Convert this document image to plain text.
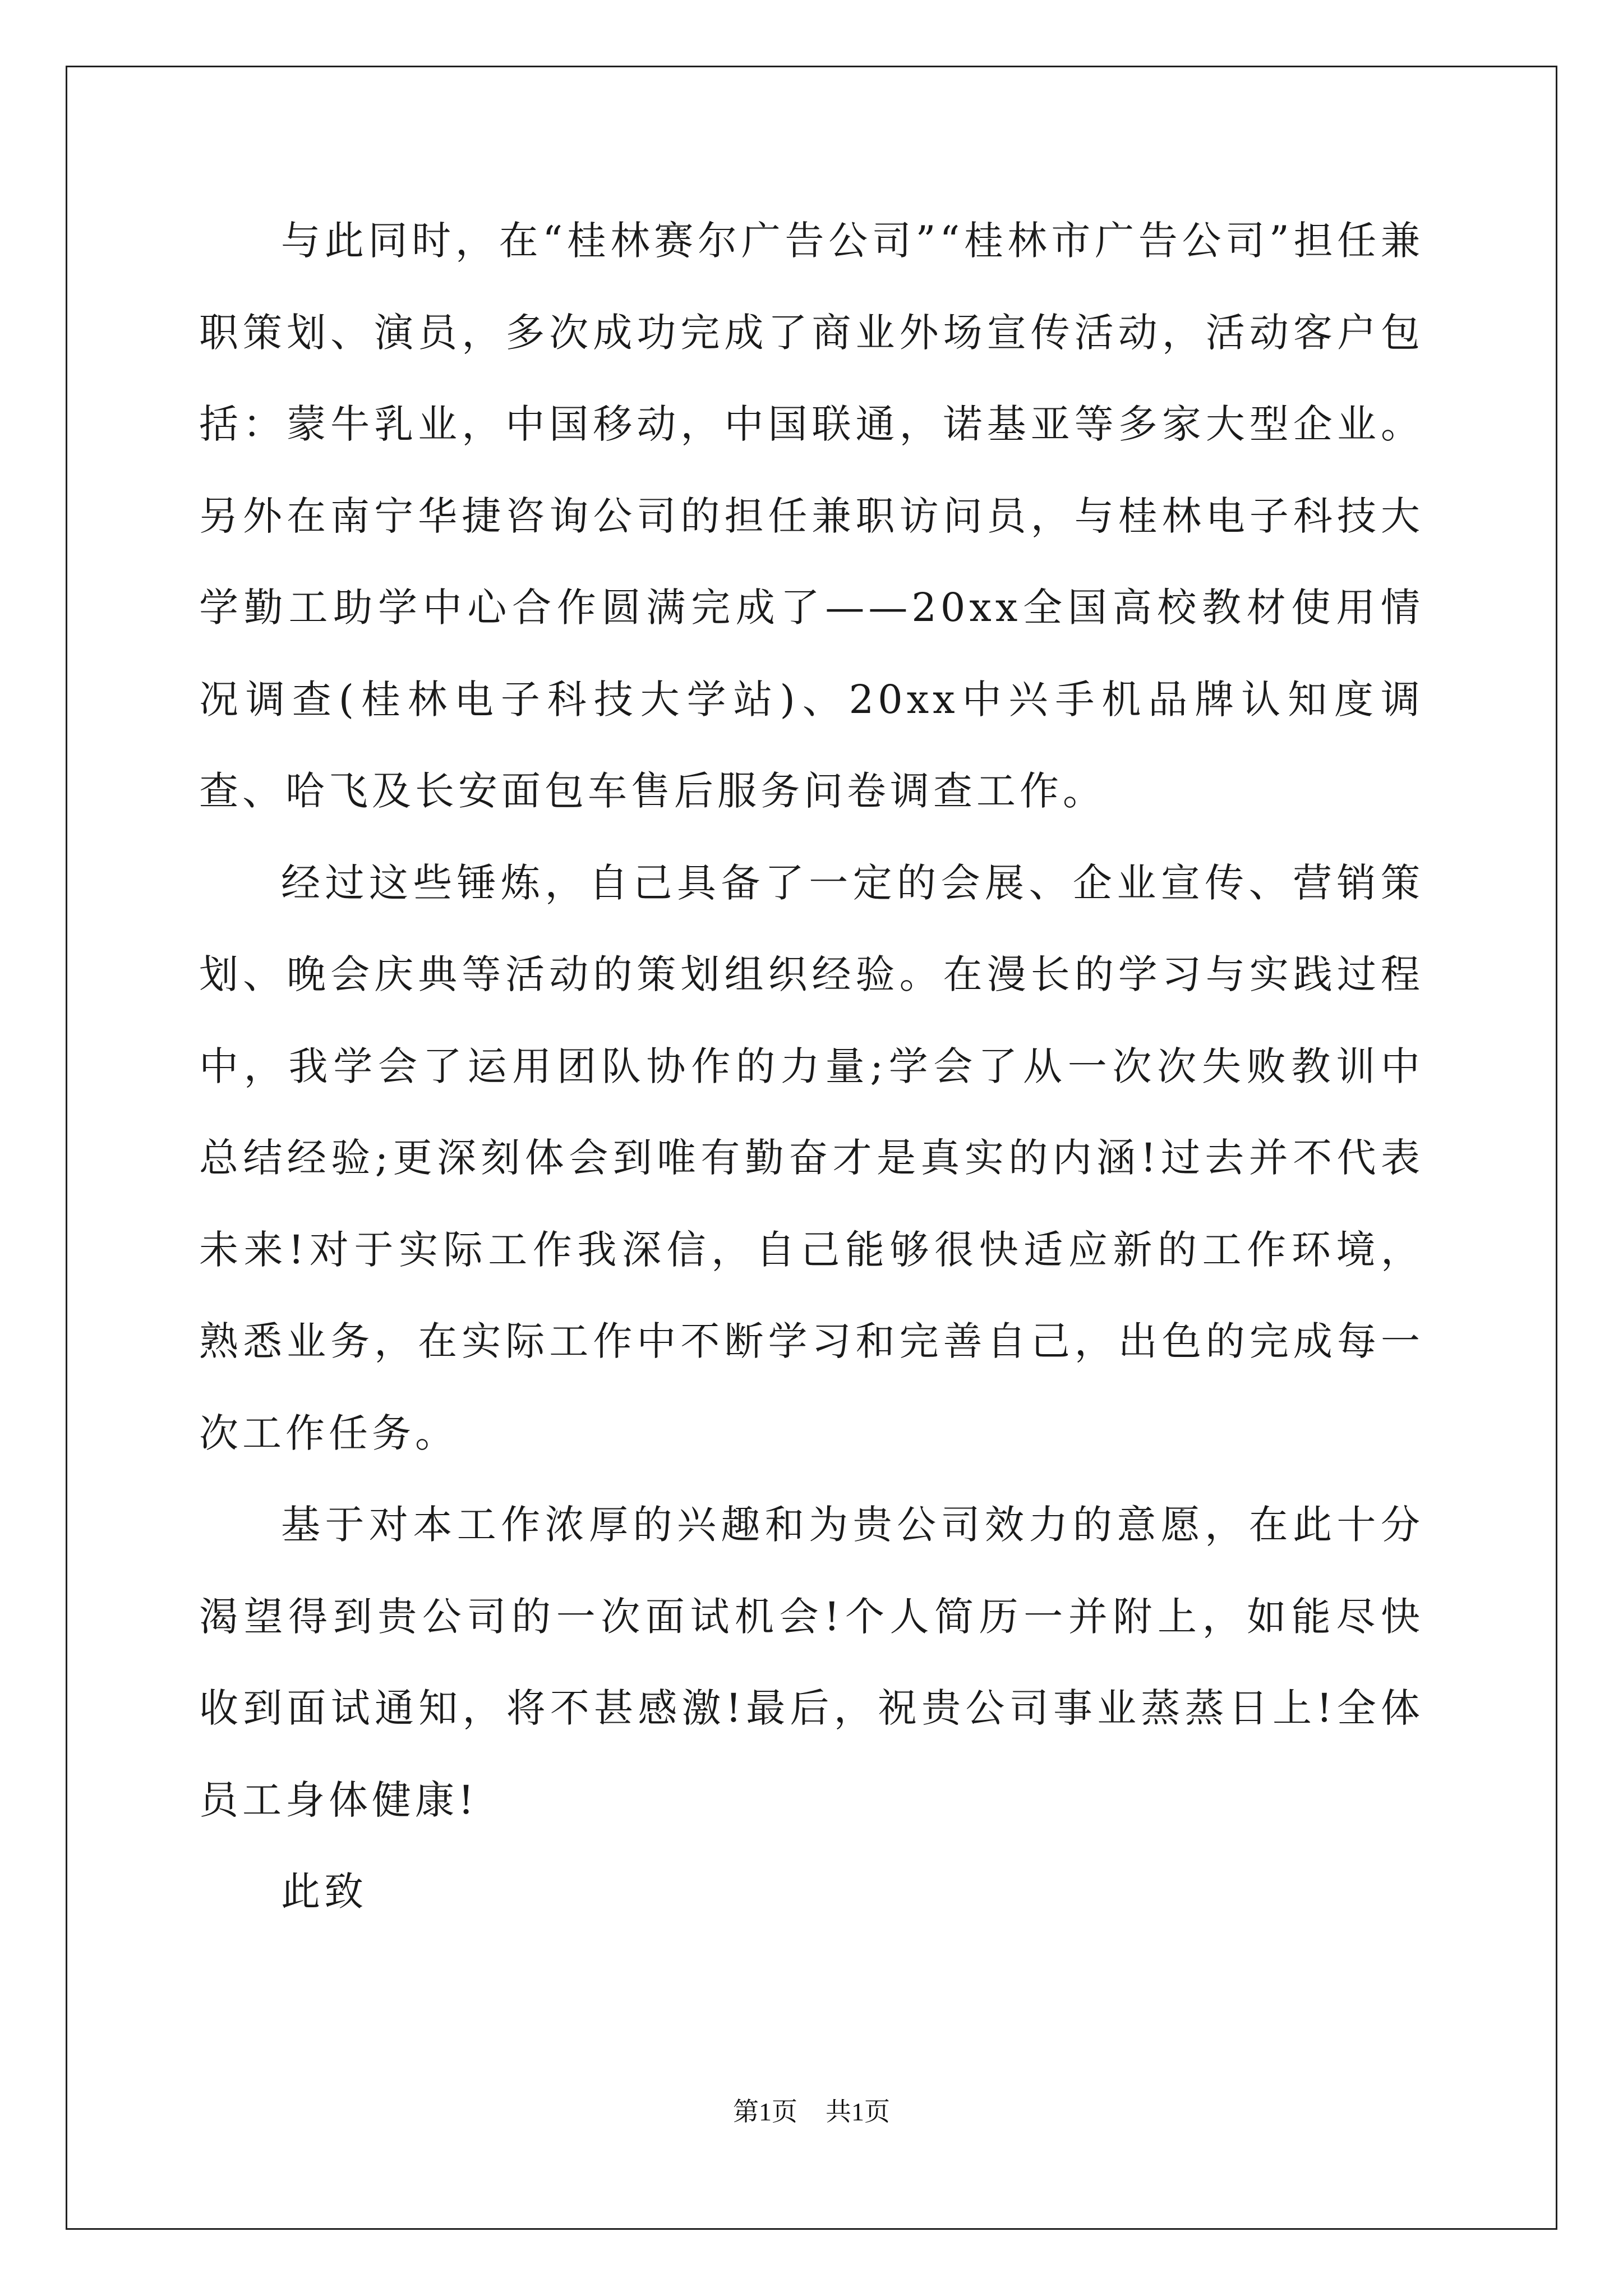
与此同时，在“桂林赛尔广告公司”“桂林市广告公司”担任兼职策划、演员，多次成功完成了商业外场宣传活动，活动客户包括：蒙牛乳业，中国移动，中国联通，诺基亚等多家大型企业。另外在南宁华捷咨询公司的担任兼职访问员，与桂林电子科技大学勤工助学中心合作圆满完成了——20xx全国高校教材使用情况调查(桂林电子科技大学站)、20xx中兴手机品牌认知度调查、哈飞及长安面包车售后服务问卷调查工作。

经过这些锤炼，自己具备了一定的会展、企业宣传、营销策划、晚会庆典等活动的策划组织经验。在漫长的学习与实践过程中，我学会了运用团队协作的力量;学会了从一次次失败教训中总结经验;更深刻体会到唯有勤奋才是真实的内涵!过去并不代表未来!对于实际工作我深信，自己能够很快适应新的工作环境，熟悉业务，在实际工作中不断学习和完善自己，出色的完成每一次工作任务。

基于对本工作浓厚的兴趣和为贵公司效力的意愿，在此十分渴望得到贵公司的一次面试机会!个人简历一并附上，如能尽快收到面试通知，将不甚感激!最后，祝贵公司事业蒸蒸日上!全体员工身体健康!

此致

第1页 共1页
